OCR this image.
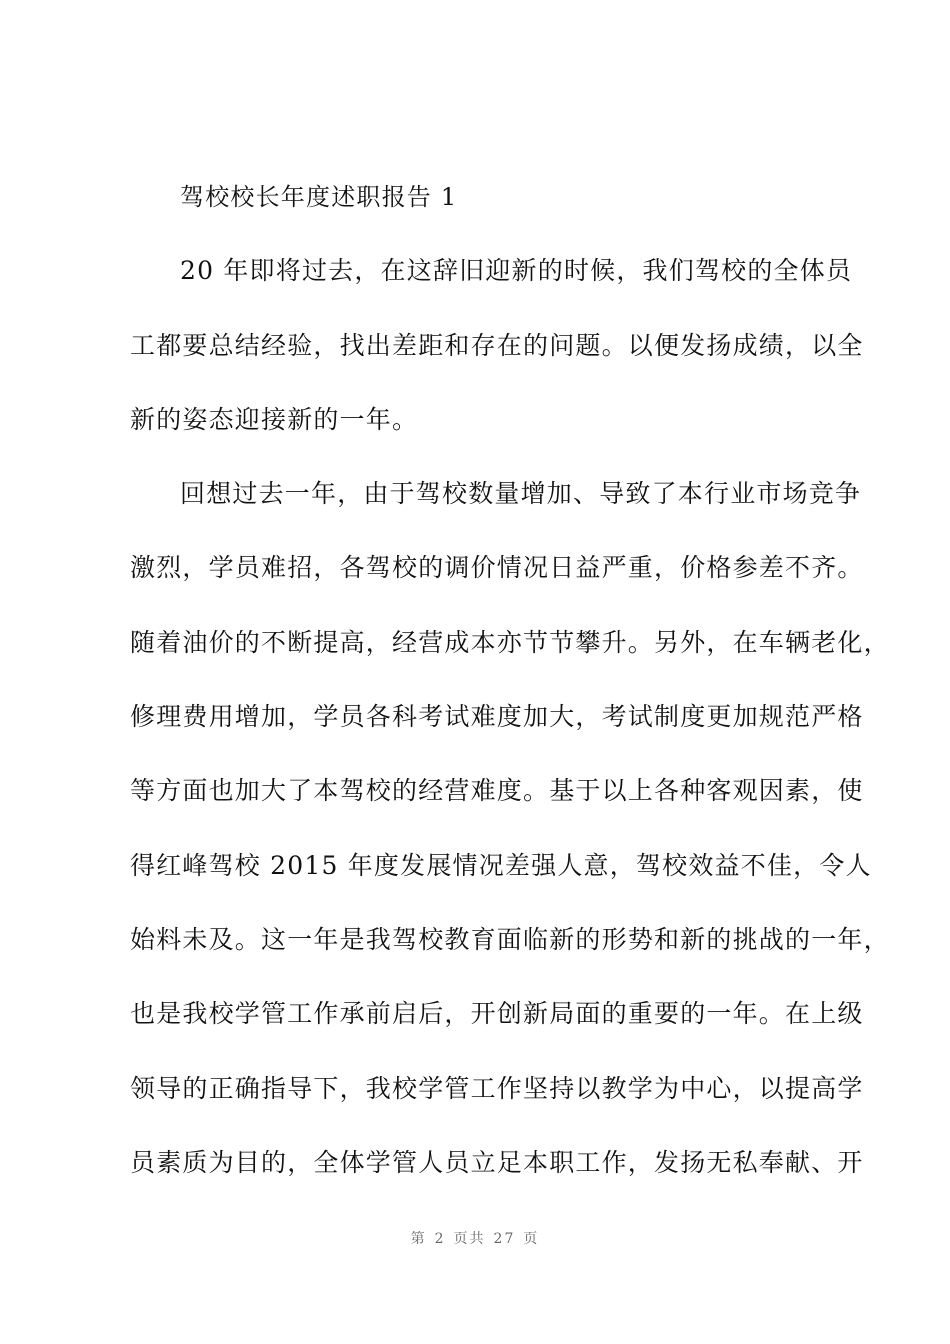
驾校校长年度述职报告 1
20 年即将过去，在这辞旧迎新的时候，我们驾校的全体员
工都要总结经验，找出差距和存在的问题。以便发扬成绩，以全
新的姿态迎接新的一年。
回想过去一年，由于驾校数量增加、导致了本行业市场竞争
激烈，学员难招，各驾校的调价情况日益严重，价格参差不齐。
随着油价的不断提高，经营成本亦节节攀升。另外，在车辆老化，
修理费用增加，学员各科考试难度加大，考试制度更加规范严格
等方面也加大了本驾校的经营难度。基于以上各种客观因素，使
得红峰驾校 2015 年度发展情况差强人意，驾校效益不佳，令人
始料未及。这一年是我驾校教育面临新的形势和新的挑战的一年，
也是我校学管工作承前启后，开创新局面的重要的一年。在上级
领导的正确指导下，我校学管工作坚持以教学为中心，以提高学
员素质为目的，全体学管人员立足本职工作，发扬无私奉献、开
第 2 页共 27 页
